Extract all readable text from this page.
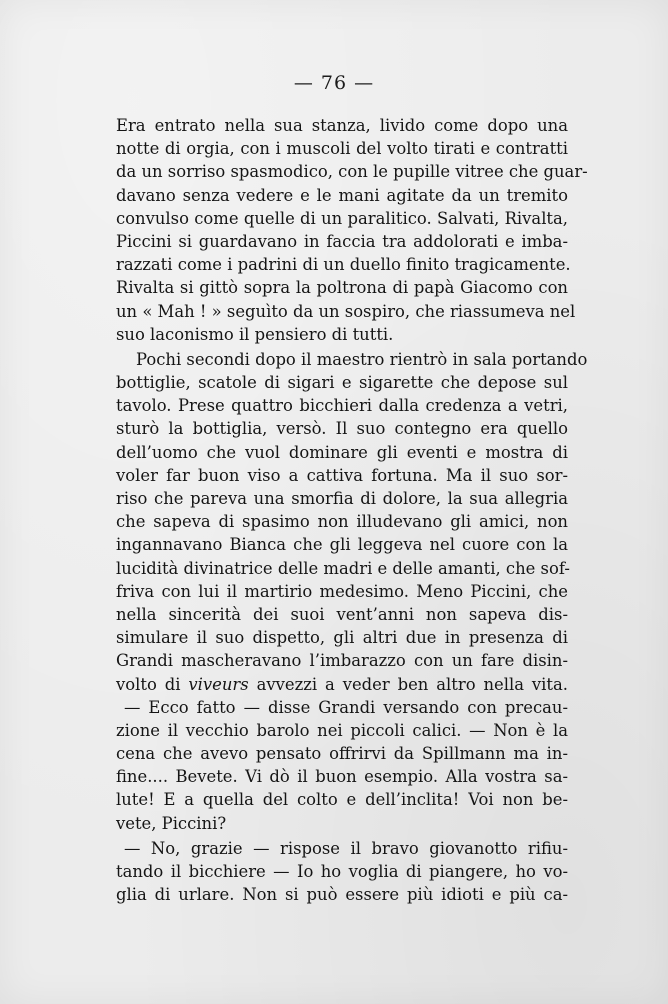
— 76 —
Era entrato nella sua stanza, livido come dopo una
notte di orgia, con i muscoli del volto tirati e contratti
da un sorriso spasmodico, con le pupille vitree che guar-
davano senza vedere e le mani agitate da un tremito
convulso come quelle di un paralitico. Salvati, Rivalta,
Piccini si guardavano in faccia tra addolorati e imba-
razzati come i padrini di un duello finito tragicamente.
Rivalta si gittò sopra la poltrona di papà Giacomo con
un « Mah ! » seguìto da un sospiro, che riassumeva nel
suo laconismo il pensiero di tutti.
Pochi secondi dopo il maestro rientrò in sala portando
bottiglie, scatole di sigari e sigarette che depose sul
tavolo. Prese quattro bicchieri dalla credenza a vetri,
sturò la bottiglia, versò. Il suo contegno era quello
dell’uomo che vuol dominare gli eventi e mostra di
voler far buon viso a cattiva fortuna. Ma il suo sor-
riso che pareva una smorfia di dolore, la sua allegria
che sapeva di spasimo non illudevano gli amici, non
ingannavano Bianca che gli leggeva nel cuore con la
lucidità divinatrice delle madri e delle amanti, che sof-
friva con lui il martirio medesimo. Meno Piccini, che
nella sincerità dei suoi vent’anni non sapeva dis-
simulare il suo dispetto, gli altri due in presenza di
Grandi mascheravano l’imbarazzo con un fare disin-
volto di viveurs avvezzi a veder ben altro nella vita.
— Ecco fatto — disse Grandi versando con precau-
zione il vecchio barolo nei piccoli calici. — Non è la
cena che avevo pensato offrirvi da Spillmann ma in-
fine.... Bevete. Vi dò il buon esempio. Alla vostra sa-
lute! E a quella del colto e dell’inclita! Voi non be-
vete, Piccini?
— No, grazie — rispose il bravo giovanotto rifiu-
tando il bicchiere — Io ho voglia di piangere, ho vo-
glia di urlare. Non si può essere più idioti e più ca-
